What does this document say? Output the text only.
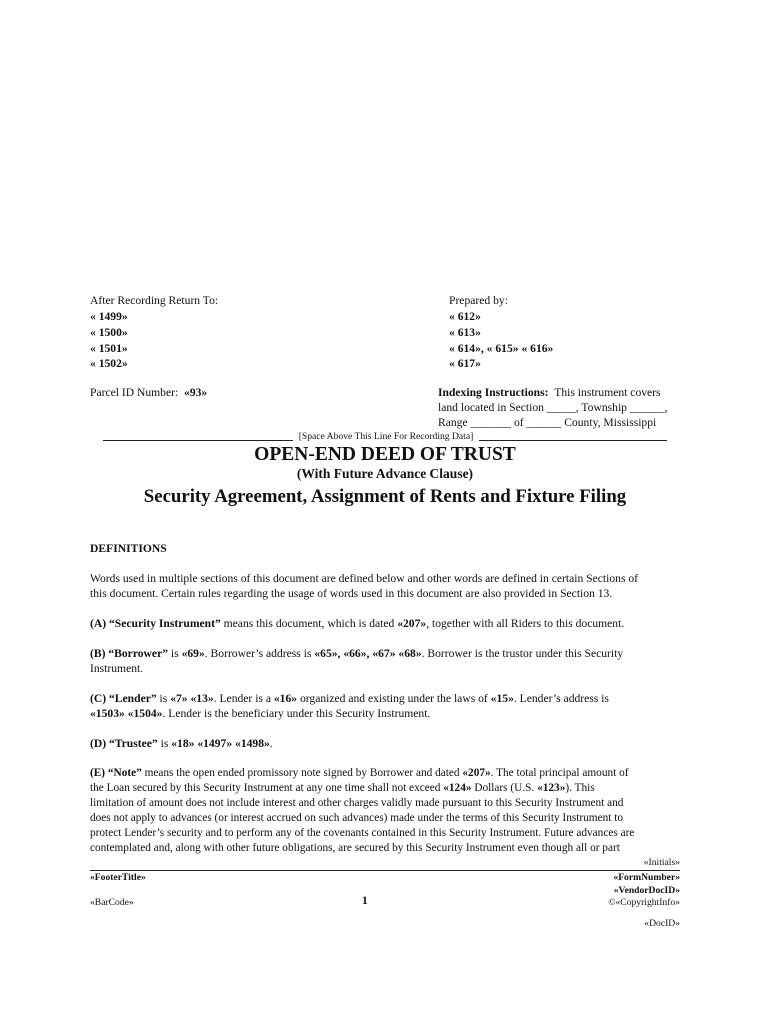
After Recording Return To:
« 1499»
« 1500»
« 1501»
« 1502»
Prepared by:
« 612»
« 613»
« 614», « 615» « 616»
« 617»
Parcel ID Number: «93»	Indexing Instructions: This instrument covers
land located in Section _____, Township ______,
Range _______ of ______ County, Mississippi
[Space Above This Line For Recording Data]
OPEN-END DEED OF TRUST
(With Future Advance Clause)
Security Agreement, Assignment of Rents and Fixture Filing
DEFINITIONS
Words used in multiple sections of this document are defined below and other words are defined in certain Sections of
this document. Certain rules regarding the usage of words used in this document are also provided in Section 13.
(A) “Security Instrument” means this document, which is dated «207», together with all Riders to this document.
(B) “Borrower” is «69». Borrower’s address is «65», «66», «67» «68». Borrower is the trustor under this Security
Instrument.
(C) “Lender” is «7» «13». Lender is a «16» organized and existing under the laws of «15». Lender’s address is
«1503» «1504». Lender is the beneficiary under this Security Instrument.
(D) “Trustee” is «18» «1497» «1498».
(E) “Note” means the open ended promissory note signed by Borrower and dated «207». The total principal amount of
the Loan secured by this Security Instrument at any one time shall not exceed «124» Dollars (U.S. «123»). This
limitation of amount does not include interest and other charges validly made pursuant to this Security Instrument and
does not apply to advances (or interest accrued on such advances) made under the terms of this Security Instrument to
protect Lender’s security and to perform any of the covenants contained in this Security Instrument. Future advances are
contemplated and, along with other future obligations, are secured by this Security Instrument even though all or part
«Initials»
«FooterTitle»	«FormNumber»
«VendorDocID»
«BarCode»	1	©«CopyrightInfo»
«DocID»
